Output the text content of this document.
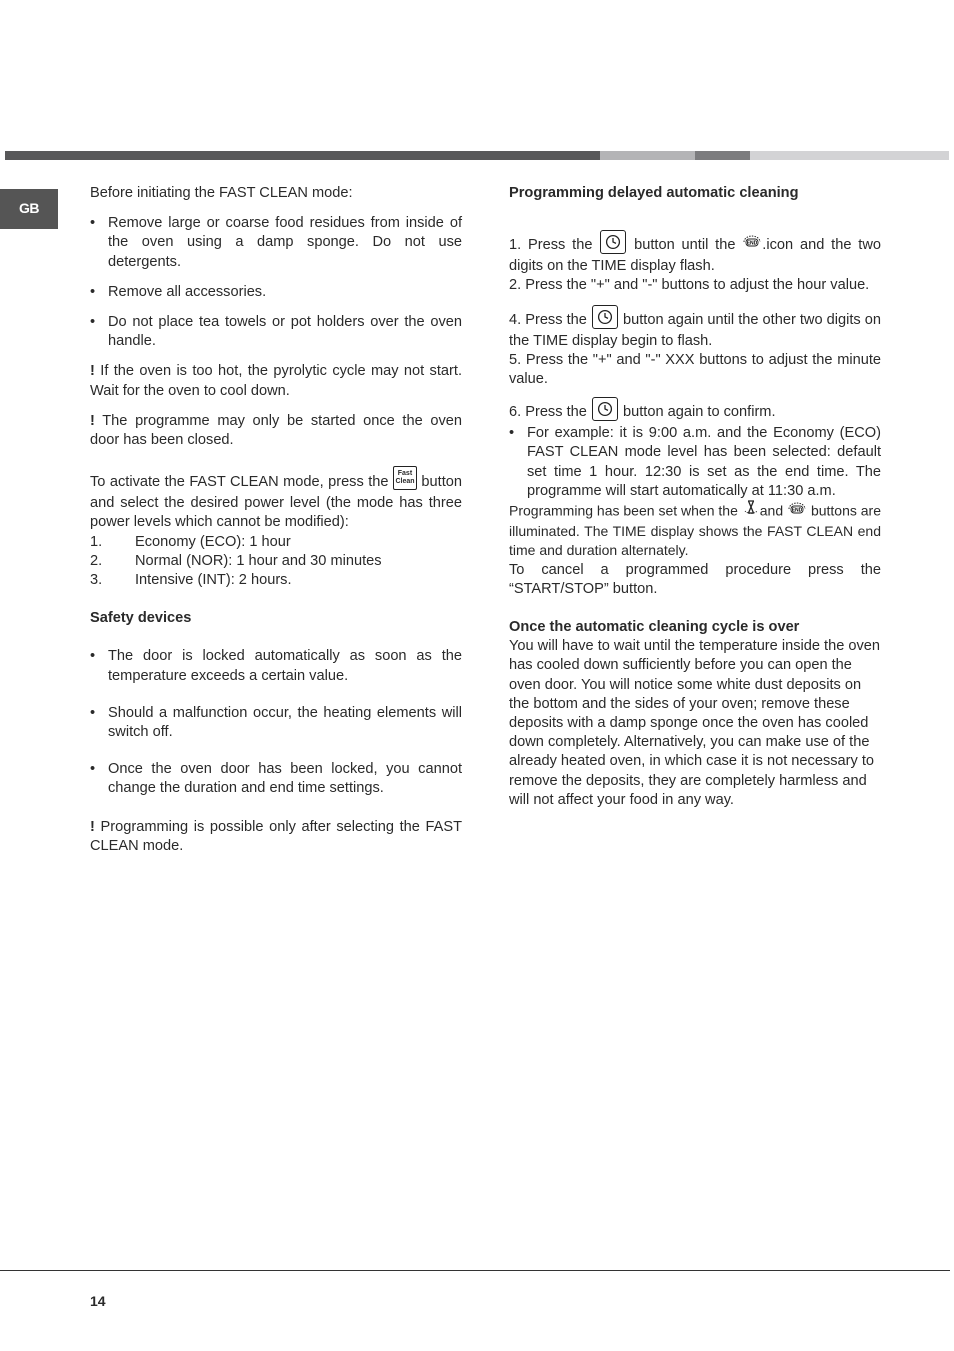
GB

Before initiating the FAST CLEAN mode:

• Remove large or coarse food residues from inside of the oven using a damp sponge. Do not use detergents.
• Remove all accessories.
• Do not place tea towels or pot holders over the oven handle.

! If the oven is too hot, the pyrolytic cycle may not start. Wait for the oven to cool down.

! The programme may only be started once the oven door has been closed.

To activate the FAST CLEAN mode, press the Fast
Clean button and select the desired power level (the mode has three power levels which cannot be modified):

1. Economy (ECO): 1 hour
2. Normal (NOR): 1 hour and 30 minutes
3. Intensive (INT): 2 hours.

Safety devices

• The door is locked automatically as soon as the temperature exceeds a certain value.
• Should a malfunction occur, the heating elements will switch off.
• Once the oven door has been locked, you cannot change the duration and end time settings.

! Programming is possible only after selecting the FAST CLEAN mode.

Programming delayed automatic cleaning

1. Press the	button until the END .icon and the two digits on the TIME display flash.

2. Press the "+" and "-" buttons to adjust the hour value.

4. Press the button again until the other two digits on the TIME display begin to flash.

5. Press the "+" and "-" XXX buttons to adjust the minute value.

6. Press the button again to confirm.

• For example: it is 9:00 a.m. and the Economy (ECO) FAST CLEAN mode level has been selected: default set time 1 hour. 12:30 is set as the end time. The programme will start automatically at 11:30 a.m.

Programming has been set when the and END buttons are illuminated. The TIME display shows the FAST CLEAN end time and duration alternately.

To cancel a programmed procedure press the “START/STOP” button.

Once the automatic cleaning cycle is over

You will have to wait until the temperature inside the oven has cooled down sufficiently before you can open the oven door. You will notice some white dust deposits on the bottom and the sides of your oven; remove these deposits with a damp sponge once the oven has cooled down completely. Alternatively, you can make use of the already heated oven, in which case it is not necessary to remove the deposits, they are completely harmless and will not affect your food in any way.

14
